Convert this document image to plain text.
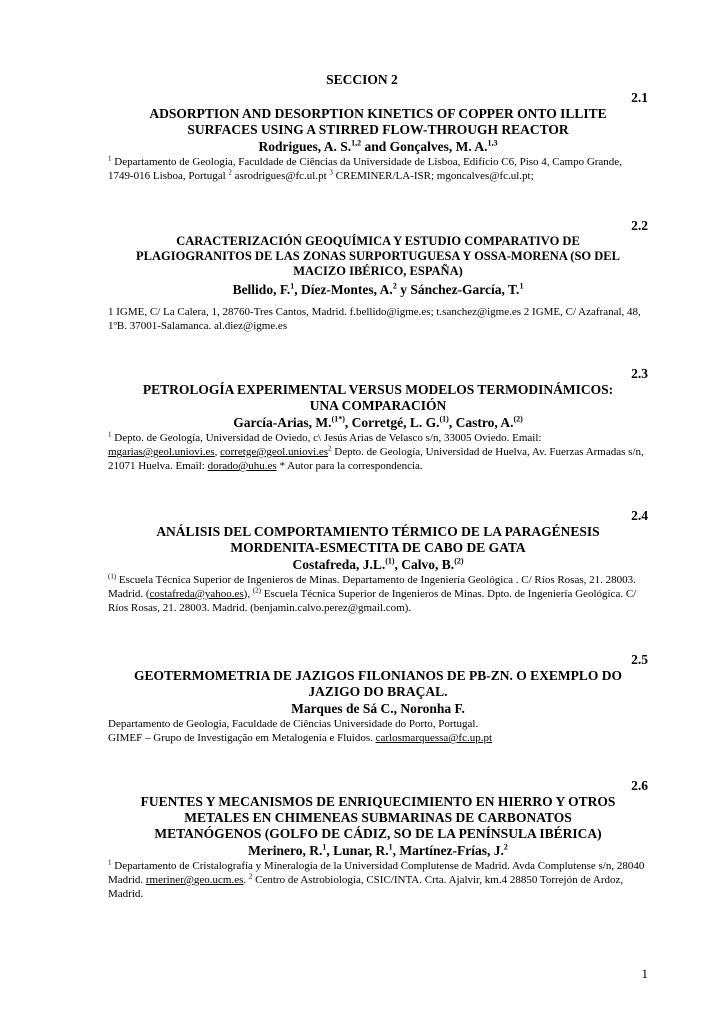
SECCION 2
2.1
ADSORPTION AND DESORPTION KINETICS OF COPPER ONTO ILLITE
SURFACES USING A STIRRED FLOW-THROUGH REACTOR
Rodrigues, A. S.$^{1,2}$ and Gonçalves, M. A.$^{1,3}$
$^1$ Departamento de Geologia, Faculdade de Ciências da Universidade de Lisboa, Edifício C6, Piso 4, Campo Grande, 1749-016 Lisboa, Portugal $^2$ asrodrigues@fc.ul.pt $^3$ CREMINER/LA-ISR; mgoncalves@fc.ul.pt;
2.2
CARACTERIZACIÓN GEOQUÍMICA Y ESTUDIO COMPARATIVO DE
PLAGIOGRANITOS DE LAS ZONAS SURPORTUGUESA Y OSSA-MORENA (SO DEL
MACIZO IBÉRICO, ESPAÑA)
Bellido, F.$^1$, Díez-Montes, A.$^2$ y Sánchez-García, T.$^1$
1 IGME, C/ La Calera, 1, 28760-Tres Cantos, Madrid. f.bellido@igme.es; t.sanchez@igme.es 2 IGME, C/ Azafranal, 48, 1ºB. 37001-Salamanca. al.diez@igme.es
2.3
PETROLOGÍA EXPERIMENTAL VERSUS MODELOS TERMODINÁMICOS:
UNA COMPARACIÓN
García-Arias, M.$^{(1*)}$, Corretgé, L. G.$^{(1)}$, Castro, A.$^{(2)}$
$^1$ Depto. de Geología, Universidad de Oviedo, c\ Jesús Arias de Velasco s/n, 33005 Oviedo. Email: mgarias@geol.uniovi.es, $corretge@geol.uniovi.es^2$ Depto. de Geología, Universidad de Huelva, Av. Fuerzas Armadas s/n, 21071 Huelva. Email: dorado@uhu.es * Autor para la correspondencia.
2.4
ANÁLISIS DEL COMPORTAMIENTO TÉRMICO DE LA PARAGÉNESIS
MORDENITA-ESMECTITA DE CABO DE GATA
Costafreda, J.L.$^{(1)}$, Calvo, B.$^{(2)}$
$^{(1)}$ Escuela Técnica Superior de Ingenieros de Minas. Departamento de Ingeniería Geológica . C/ Ríos Rosas, 21. 28003. Madrid. (costafreda@yahoo.es), $^{(2)}$ Escuela Técnica Superior de Ingenieros de Minas. Dpto. de Ingeniería Geológica. C/ Ríos Rosas, 21. 28003. Madrid. (benjamin.calvo.perez@gmail.com).
2.5
GEOTERMOMETRIA DE JAZIGOS FILONIANOS DE PB-ZN. O EXEMPLO DO
JAZIGO DO BRAÇAL.
Marques de Sá C., Noronha F.
Departamento de Geologia, Faculdade de Ciências Universidade do Porto, Portugal.
GIMEF – Grupo de Investigação em Metalogenia e Fluidos. carlosmarquessa@fc.up.pt
2.6
FUENTES Y MECANISMOS DE ENRIQUECIMIENTO EN HIERRO Y OTROS
METALES EN CHIMENEAS SUBMARINAS DE CARBONATOS
METANÓGENOS (GOLFO DE CÁDIZ, SO DE LA PENÍNSULA IBÉRICA)
Merinero, R.$^1$, Lunar, R.$^1$, Martínez-Frías, J.$^2$
$^1$ Departamento de Cristalografía y Mineralogía de la Universidad Complutense de Madrid. Avda Complutense s/n, 28040 Madrid. rmeriner@geo.ucm.es. $^2$ Centro de Astrobiología, CSIC/INTA. Crta. Ajalvir, km.4 28850 Torrejón de Ardoz, Madrid.
1
